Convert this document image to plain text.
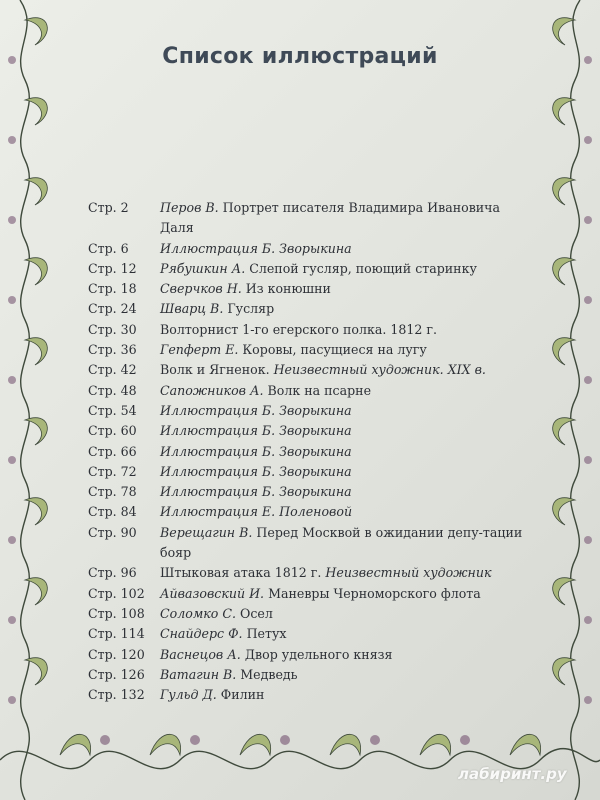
Список иллюстраций
Стр. 2	Перов В. Портрет писателя Владимира Ивановича Даля
Стр. 6	Иллюстрация Б. Зворыкина
Стр. 12	Рябушкин А. Слепой гусляр, поющий старинку
Стр. 18	Сверчков Н. Из конюшни
Стр. 24	Шварц В. Гусляр
Стр. 30	Волторнист 1-го егерского полка. 1812 г.
Стр. 36	Гепферт Е. Коровы, пасущиеся на лугу
Стр. 42	Волк и Ягненок. Неизвестный художник. XIX в.
Стр. 48	Сапожников А. Волк на псарне
Стр. 54	Иллюстрация Б. Зворыкина
Стр. 60	Иллюстрация Б. Зворыкина
Стр. 66	Иллюстрация Б. Зворыкина
Стр. 72	Иллюстрация Б. Зворыкина
Стр. 78	Иллюстрация Б. Зворыкина
Стр. 84	Иллюстрация Е. Поленовой
Стр. 90	Верещагин В. Перед Москвой в ожидании депу-тации бояр
Стр. 96	Штыковая атака 1812 г. Неизвестный художник
Стр. 102	Айвазовский И. Маневры Черноморского флота
Стр. 108	Соломко С. Осел
Стр. 114	Снайдерс Ф. Петух
Стр. 120	Васнецов А. Двор удельного князя
Стр. 126	Ватагин В. Медведь
Стр. 132	Гульд Д. Филин
лабиринт.ру
